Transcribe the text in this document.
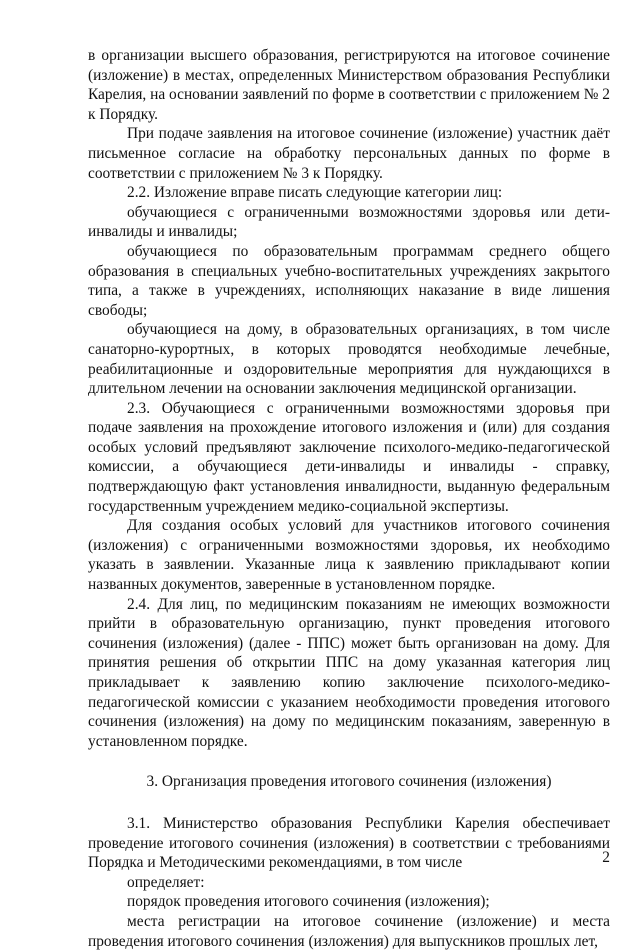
в организации высшего образования, регистрируются на итоговое сочинение (изложение) в местах, определенных Министерством образования Республики Карелия, на основании заявлений по форме в соответствии с приложением № 2 к Порядку.

При подаче заявления на итоговое сочинение (изложение) участник даёт письменное согласие на обработку персональных данных по форме в соответствии с приложением № 3 к Порядку.

2.2. Изложение вправе писать следующие категории лиц:

обучающиеся с ограниченными возможностями здоровья или дети-инвалиды и инвалиды;

обучающиеся по образовательным программам среднего общего образования в специальных учебно-воспитательных учреждениях закрытого типа, а также в учреждениях, исполняющих наказание в виде лишения свободы;

обучающиеся на дому, в образовательных организациях, в том числе санаторно-курортных, в которых проводятся необходимые лечебные, реабилитационные и оздоровительные мероприятия для нуждающихся в длительном лечении на основании заключения медицинской организации.

2.3. Обучающиеся с ограниченными возможностями здоровья при подаче заявления на прохождение итогового изложения и (или) для создания особых условий предъявляют заключение психолого-медико-педагогической комиссии, а обучающиеся дети-инвалиды и инвалиды - справку, подтверждающую факт установления инвалидности, выданную федеральным государственным учреждением медико-социальной экспертизы.

Для создания особых условий для участников итогового сочинения (изложения) с ограниченными возможностями здоровья, их необходимо указать в заявлении. Указанные лица к заявлению прикладывают копии названных документов, заверенные в установленном порядке.

2.4. Для лиц, по медицинским показаниям не имеющих возможности прийти в образовательную организацию, пункт проведения итогового сочинения (изложения) (далее - ППС) может быть организован на дому. Для принятия решения об открытии ППС на дому указанная категория лиц прикладывает к заявлению копию заключение психолого-медико-педагогической комиссии с указанием необходимости проведения итогового сочинения (изложения) на дому по медицинским показаниям, заверенную в установленном порядке.

3. Организация проведения итогового сочинения (изложения)

3.1. Министерство образования Республики Карелия обеспечивает проведение итогового сочинения (изложения) в соответствии с требованиями Порядка и Методическими рекомендациями, в том числе

определяет:

порядок проведения итогового сочинения (изложения);

места регистрации на итоговое сочинение (изложение) и места проведения итогового сочинения (изложения) для выпускников прошлых лет,

2
